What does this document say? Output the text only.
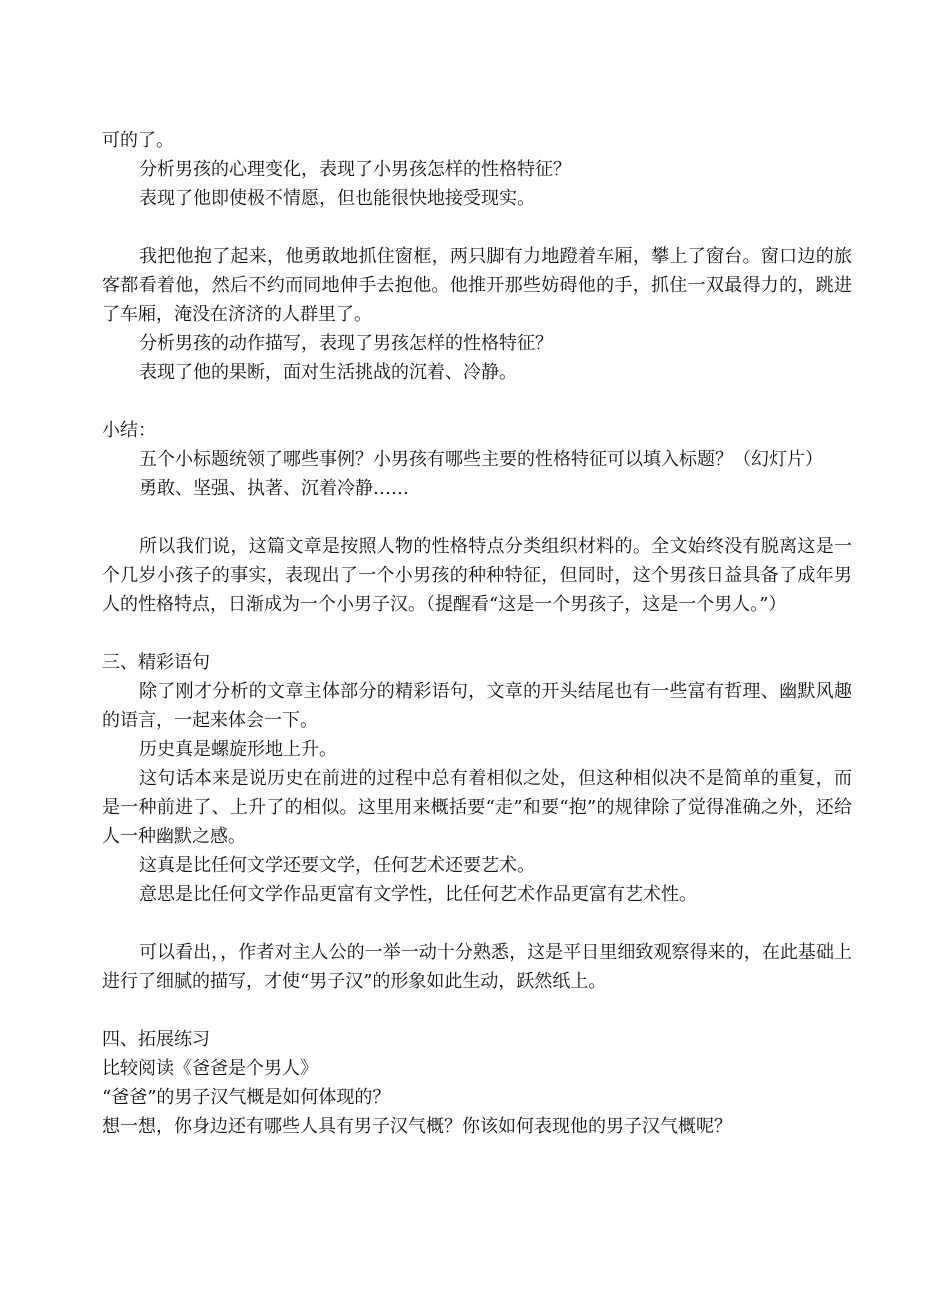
可的了。

分析男孩的心理变化，表现了小男孩怎样的性格特征？

表现了他即使极不情愿，但也能很快地接受现实。

我把他抱了起来，他勇敢地抓住窗框，两只脚有力地蹬着车厢，攀上了窗台。窗口边的旅客都看着他，然后不约而同地伸手去抱他。他推开那些妨碍他的手，抓住一双最得力的，跳进了车厢，淹没在济济的人群里了。

分析男孩的动作描写，表现了男孩怎样的性格特征？

表现了他的果断，面对生活挑战的沉着、冷静。

小结：

五个小标题统领了哪些事例？小男孩有哪些主要的性格特征可以填入标题？（幻灯片）

勇敢、坚强、执著、沉着冷静……

所以我们说，这篇文章是按照人物的性格特点分类组织材料的。全文始终没有脱离这是一个几岁小孩子的事实，表现出了一个小男孩的种种特征，但同时，这个男孩日益具备了成年男人的性格特点，日渐成为一个小男子汉。（提醒看“这是一个男孩子，这是一个男人。”）

三、精彩语句

除了刚才分析的文章主体部分的精彩语句，文章的开头结尾也有一些富有哲理、幽默风趣的语言，一起来体会一下。

历史真是螺旋形地上升。

这句话本来是说历史在前进的过程中总有着相似之处，但这种相似决不是简单的重复，而是一种前进了、上升了的相似。这里用来概括要“走”和要“抱”的规律除了觉得准确之外，还给人一种幽默之感。

这真是比任何文学还要文学，任何艺术还要艺术。

意思是比任何文学作品更富有文学性，比任何艺术作品更富有艺术性。

可以看出，，作者对主人公的一举一动十分熟悉，这是平日里细致观察得来的，在此基础上进行了细腻的描写，才使“男子汉”的形象如此生动，跃然纸上。

四、拓展练习

比较阅读《爸爸是个男人》

“爸爸”的男子汉气概是如何体现的？

想一想，你身边还有哪些人具有男子汉气概？你该如何表现他的男子汉气概呢？
